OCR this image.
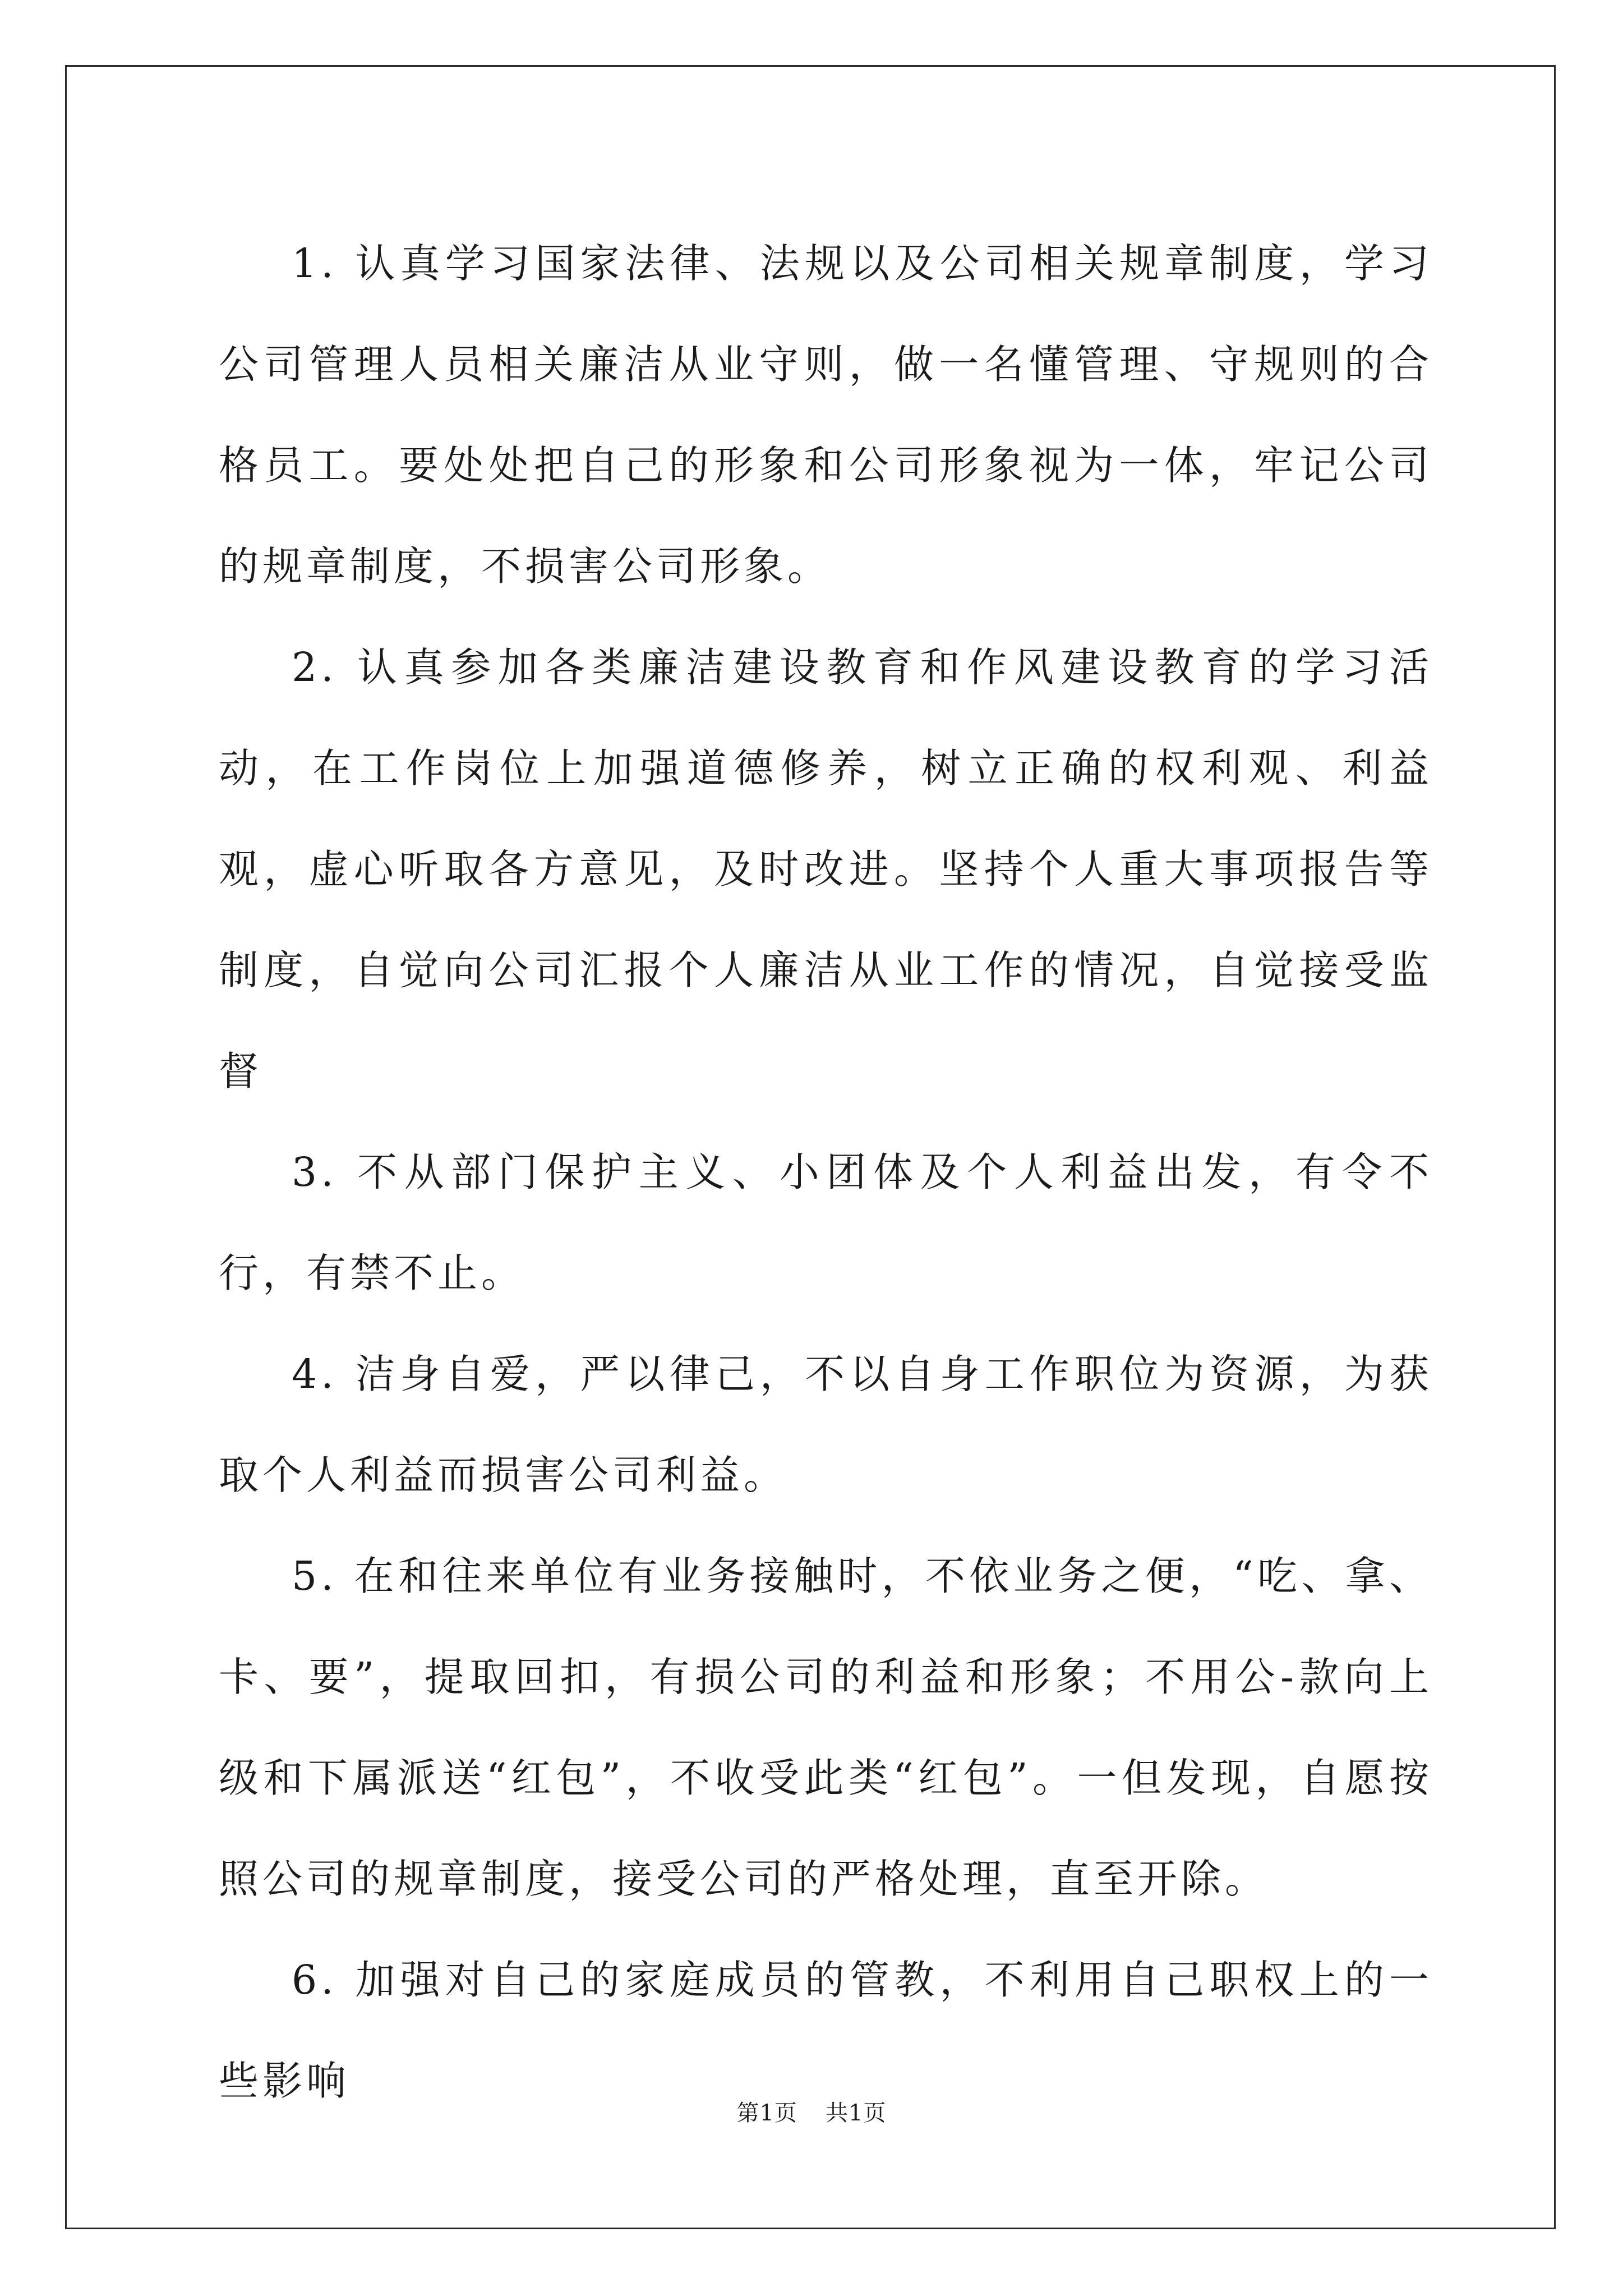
1. 认真学习国家法律、法规以及公司相关规章制度，学习公司管理人员相关廉洁从业守则，做一名懂管理、守规则的合格员工。要处处把自己的形象和公司形象视为一体，牢记公司的规章制度，不损害公司形象。

2. 认真参加各类廉洁建设教育和作风建设教育的学习活动，在工作岗位上加强道德修养，树立正确的权利观、利益观，虚心听取各方意见，及时改进。坚持个人重大事项报告等制度，自觉向公司汇报个人廉洁从业工作的情况，自觉接受监督

3. 不从部门保护主义、小团体及个人利益出发，有令不行，有禁不止。

4. 洁身自爱，严以律己，不以自身工作职位为资源，为获取个人利益而损害公司利益。

5. 在和往来单位有业务接触时，不依业务之便，“吃、拿、卡、要”，提取回扣，有损公司的利益和形象；不用公-款向上级和下属派送“红包”，不收受此类“红包”。一但发现，自愿按照公司的规章制度，接受公司的严格处理，直至开除。

6. 加强对自己的家庭成员的管教，不利用自己职权上的一些影响

第1页 共1页
